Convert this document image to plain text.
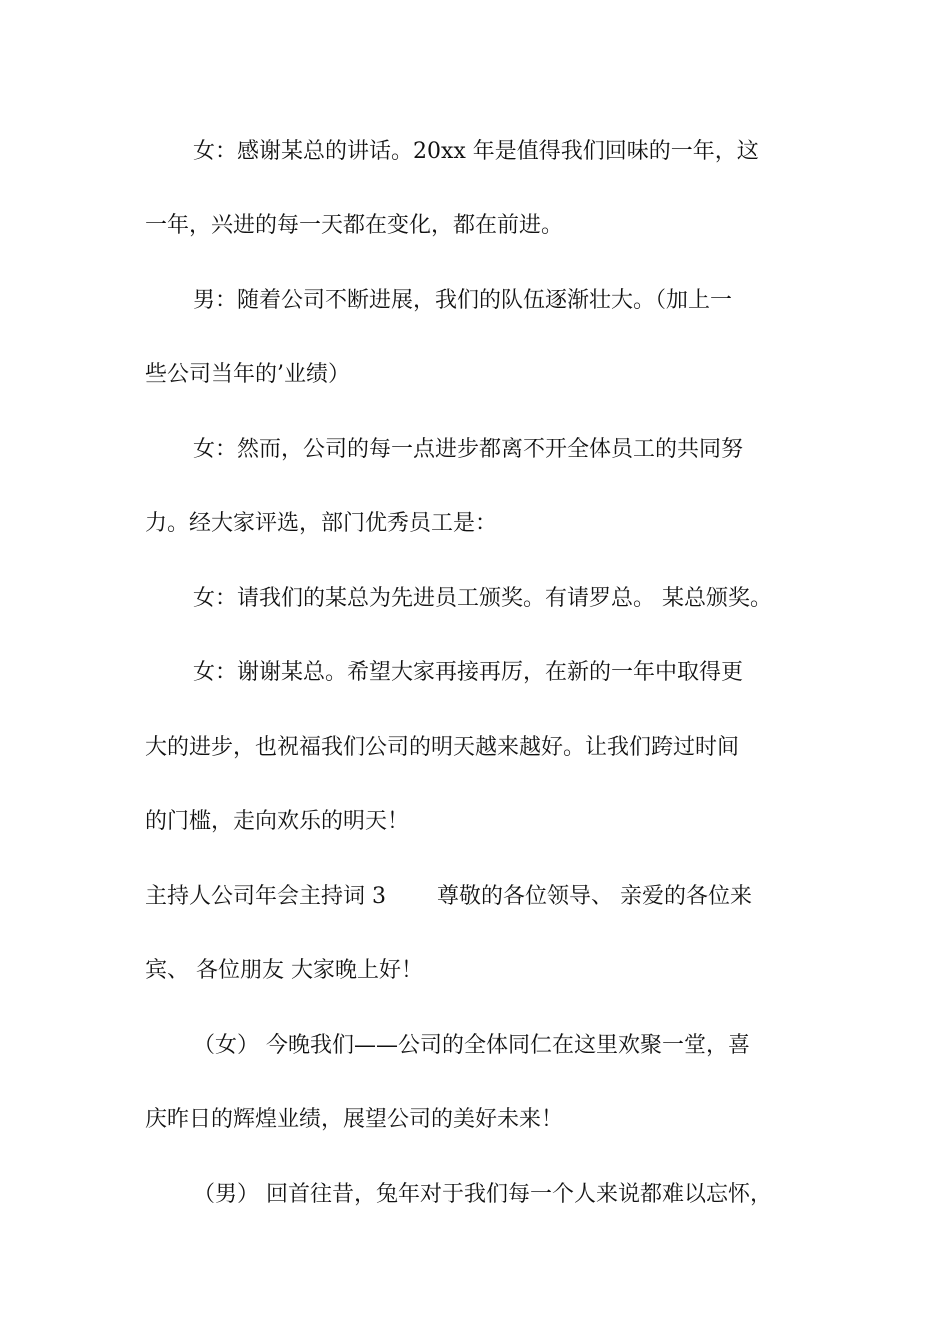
女：感谢某总的讲话。20xx 年是值得我们回味的一年，这
一年，兴进的每一天都在变化，都在前进。
男：随着公司不断进展，我们的队伍逐渐壮大。（加上一
些公司当年的’业绩）
女：然而，公司的每一点进步都离不开全体员工的共同努
力。经大家评选，部门优秀员工是：
女：请我们的某总为先进员工颁奖。有请罗总。 某总颁奖。
女：谢谢某总。希望大家再接再厉，在新的一年中取得更
大的进步，也祝福我们公司的明天越来越好。让我们跨过时间
的门槛，走向欢乐的明天！
主持人公司年会主持词 3　　 尊敬的各位领导、 亲爱的各位来
宾、 各位朋友 大家晚上好！
（女） 今晚我们——公司的全体同仁在这里欢聚一堂，喜
庆昨日的辉煌业绩，展望公司的美好未来！
（男） 回首往昔，兔年对于我们每一个人来说都难以忘怀，
